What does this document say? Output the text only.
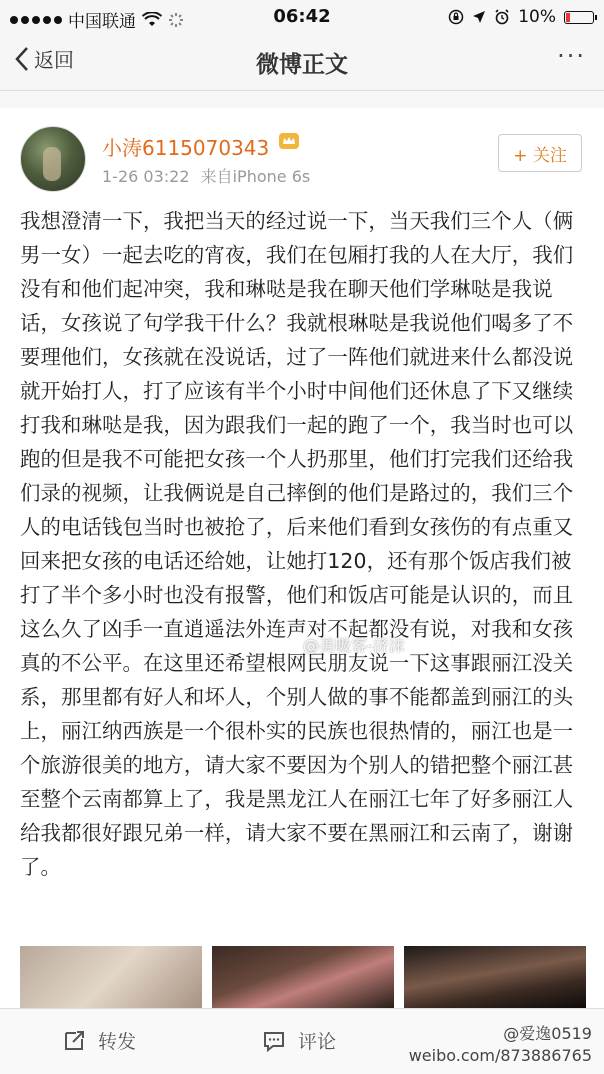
中国联通	06:42	10%
返回	微博正文	···
小涛6115070343
1-26 03:22 来自iPhone 6s
+ 关注
我想澄清一下，我把当天的经过说一下，当天我们三个人（俩男一女）一起去吃的宵夜，我们在包厢打我的人在大厅，我们没有和他们起冲突，我和琳哒是我在聊天他们学琳哒是我说话，女孩说了句学我干什么？我就根琳哒是我说他们喝多了不要理他们，女孩就在没说话，过了一阵他们就进来什么都没说就开始打人，打了应该有半个小时中间他们还休息了下又继续打我和琳哒是我，因为跟我们一起的跑了一个，我当时也可以跑的但是我不可能把女孩一个人扔那里，他们打完我们还给我们录的视频，让我俩说是自己摔倒的他们是路过的，我们三个人的电话钱包当时也被抢了，后来他们看到女孩伤的有点重又回来把女孩的电话还给她，让她打120，还有那个饭店我们被打了半个多小时也没有报警，他们和饭店可能是认识的，而且这么久了凶手一直逍遥法外连声对不起都没有说，对我和女孩真的不公平。在这里还希望根网民朋友说一下这事跟丽江没关系，那里都有好人和坏人，个别人做的事不能都盖到丽江的头上，丽江纳西族是一个很朴实的民族也很热情的，丽江也是一个旅游很美的地方，请大家不要因为个别人的错把整个丽江甚至整个云南都算上了，我是黑龙江人在丽江七年了好多丽江人给我都很好跟兄弟一样，请大家不要在黑丽江和云南了，谢谢了。
@美吸客-济沫
转发	评论	@爱逸0519
weibo.com/873886765
